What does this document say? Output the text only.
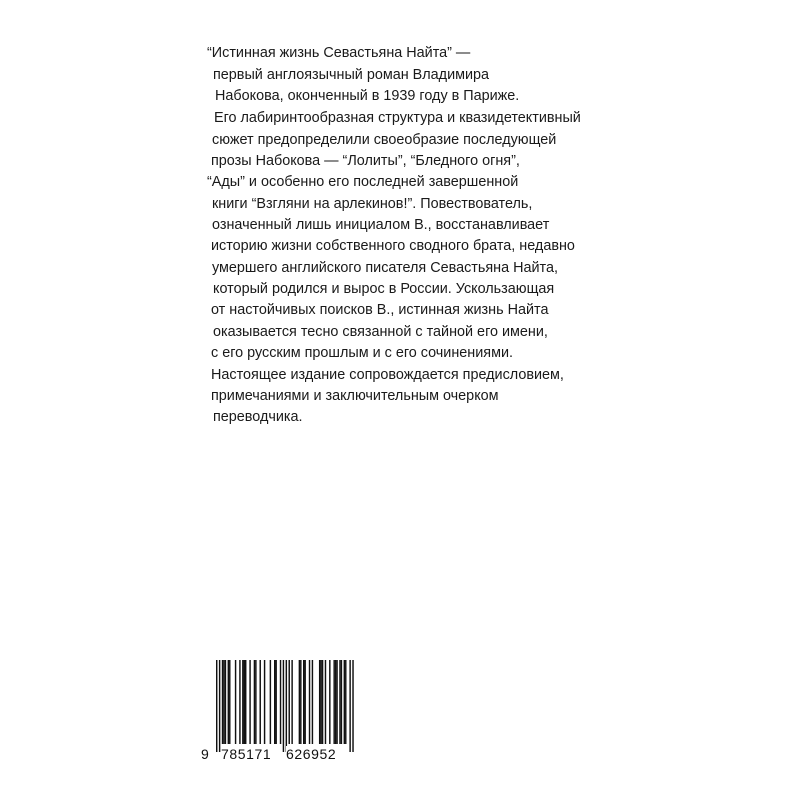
“Истинная жизнь Севастьяна Найта” —
первый англоязычный роман Владимира
Набокова, оконченный в 1939 году в Париже.
Его лабиринтообразная структура и квазидетективный
сюжет предопределили своеобразие последующей
прозы Набокова — “Лолиты”, “Бледного огня”,
“Ады” и особенно его последней завершенной
книги “Взгляни на арлекинов!”. Повествователь,
означенный лишь инициалом В., восстанавливает
историю жизни собственного сводного брата, недавно
умершего английского писателя Севастьяна Найта,
который родился и вырос в России. Ускользающая
от настойчивых поисков В., истинная жизнь Найта
оказывается тесно связанной с тайной его имени,
с его русским прошлым и с его сочинениями.
Настоящее издание сопровождается предисловием,
примечаниями и заключительным очерком
переводчика.
9 785171 626952
